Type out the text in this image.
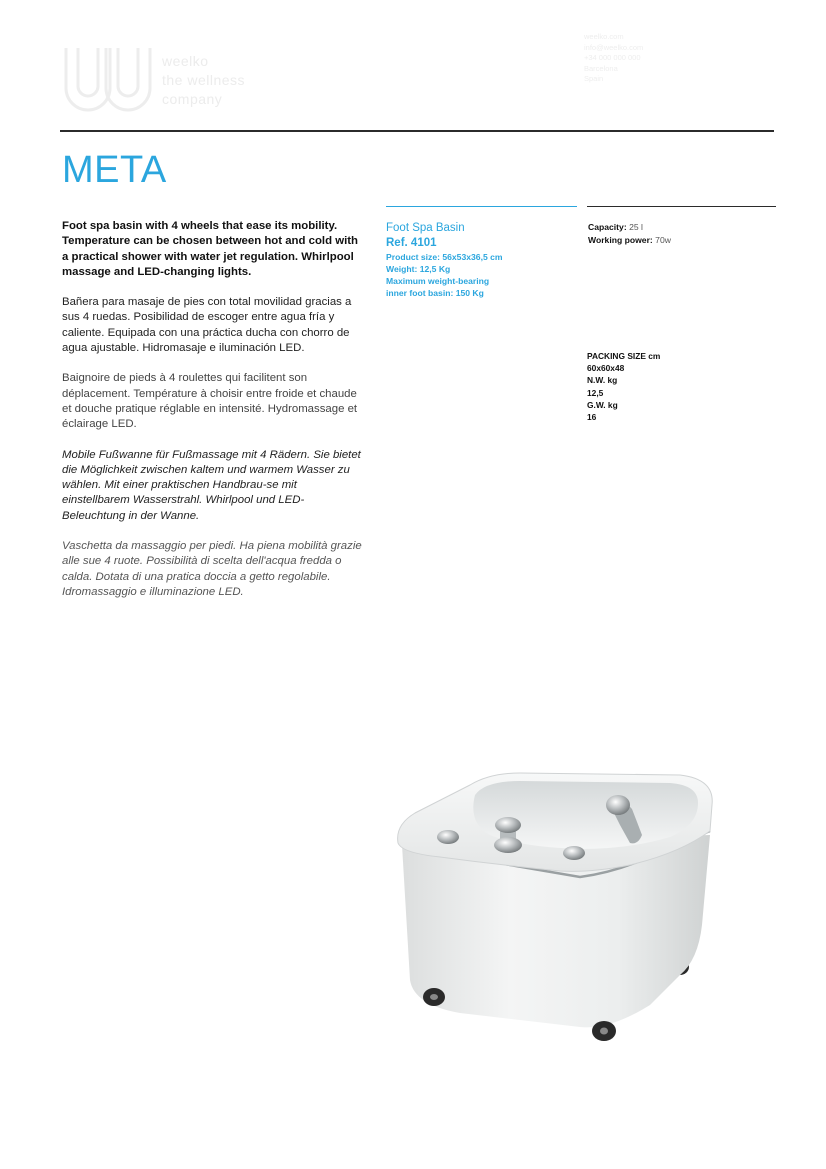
weelko
the wellness
company
weelko.com
info@weelko.com
+34 000 000 000
Barcelona
Spain
META

Foot spa basin with 4 wheels that ease its mobility. Temperature can be chosen between hot and cold with a practical shower with water jet regulation. Whirlpool massage and LED-changing lights.

Bañera para masaje de pies con total movilidad gracias a sus 4 ruedas. Posibilidad de escoger entre agua fría y caliente. Equipada con una práctica ducha con chorro de agua ajustable. Hidromasaje e iluminación LED.

Baignoire de pieds à 4 roulettes qui facilitent son déplacement. Température à choisir entre froide et chaude et douche pratique réglable en intensité. Hydromassage et éclairage LED.

Mobile Fußwanne für Fußmassage mit 4 Rädern. Sie bietet die Möglichkeit zwischen kaltem und warmem Wasser zu wählen. Mit einer praktischen Handbrau-se mit einstellbarem Wasserstrahl. Whirlpool und LED-Beleuchtung in der Wanne.

Vaschetta da massaggio per piedi. Ha piena mobilità grazie alle sue 4 ruote. Possibilità di scelta dell'acqua fredda o calda. Dotata di una pratica doccia a getto regolabile. Idromassaggio e illuminazione LED.

Foot Spa Basin
Ref. 4101
Product size: 56x53x36,5 cm
Weight: 12,5 Kg
Maximum weight-bearing
inner foot basin: 150 Kg
Capacity: 25 l
Working power: 70w
PACKING SIZE cm
60x60x48
N.W. kg
12,5
G.W. kg
16
